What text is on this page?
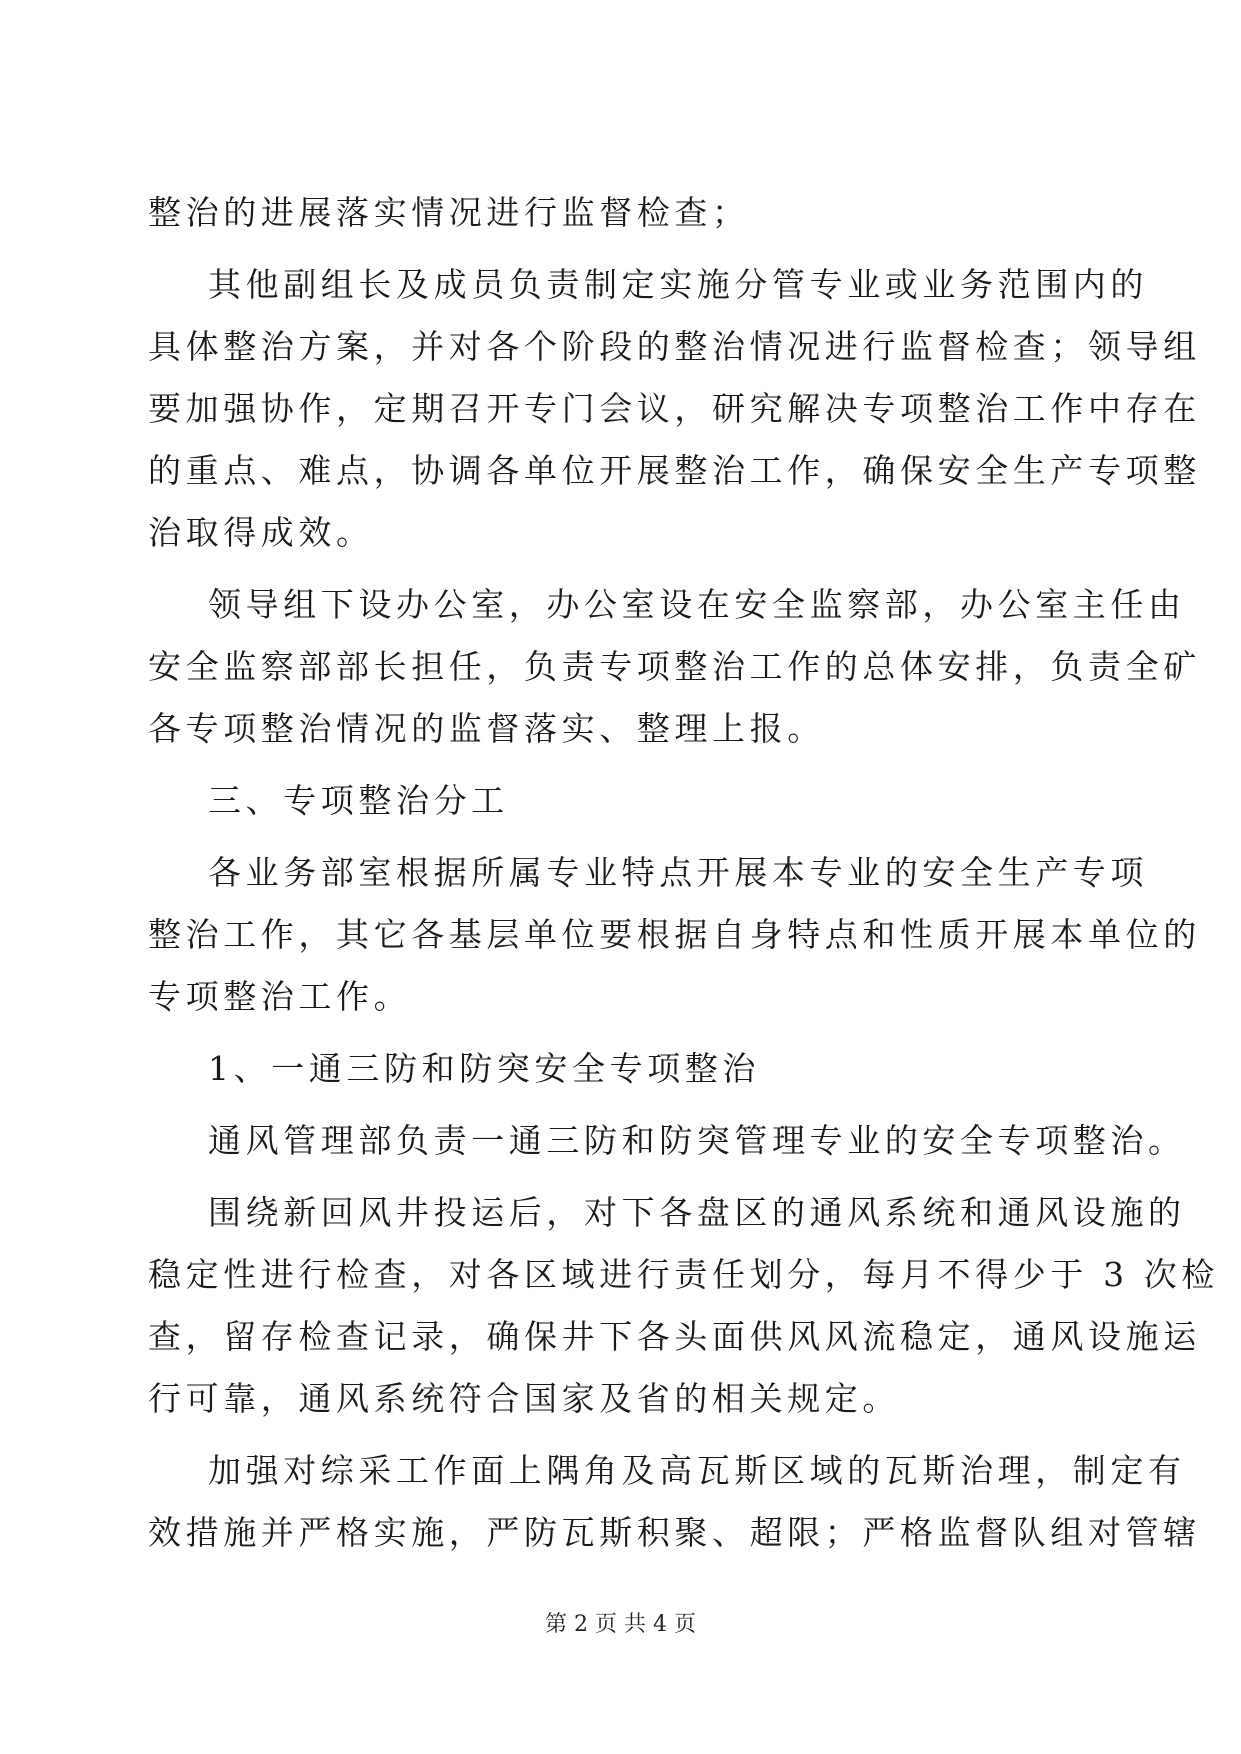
整治的进展落实情况进行监督检查；
其他副组长及成员负责制定实施分管专业或业务范围内的
具体整治方案，并对各个阶段的整治情况进行监督检查；领导组
要加强协作，定期召开专门会议，研究解决专项整治工作中存在
的重点、难点，协调各单位开展整治工作，确保安全生产专项整
治取得成效。
领导组下设办公室，办公室设在安全监察部，办公室主任由
安全监察部部长担任，负责专项整治工作的总体安排，负责全矿
各专项整治情况的监督落实、整理上报。
三、专项整治分工
各业务部室根据所属专业特点开展本专业的安全生产专项
整治工作，其它各基层单位要根据自身特点和性质开展本单位的
专项整治工作。
1、一通三防和防突安全专项整治
通风管理部负责一通三防和防突管理专业的安全专项整治。
围绕新回风井投运后，对下各盘区的通风系统和通风设施的
稳定性进行检查，对各区域进行责任划分，每月不得少于 3 次检
查，留存检查记录，确保井下各头面供风风流稳定，通风设施运
行可靠，通风系统符合国家及省的相关规定。
加强对综采工作面上隅角及高瓦斯区域的瓦斯治理，制定有
效措施并严格实施，严防瓦斯积聚、超限；严格监督队组对管辖
第 2 页 共 4 页
